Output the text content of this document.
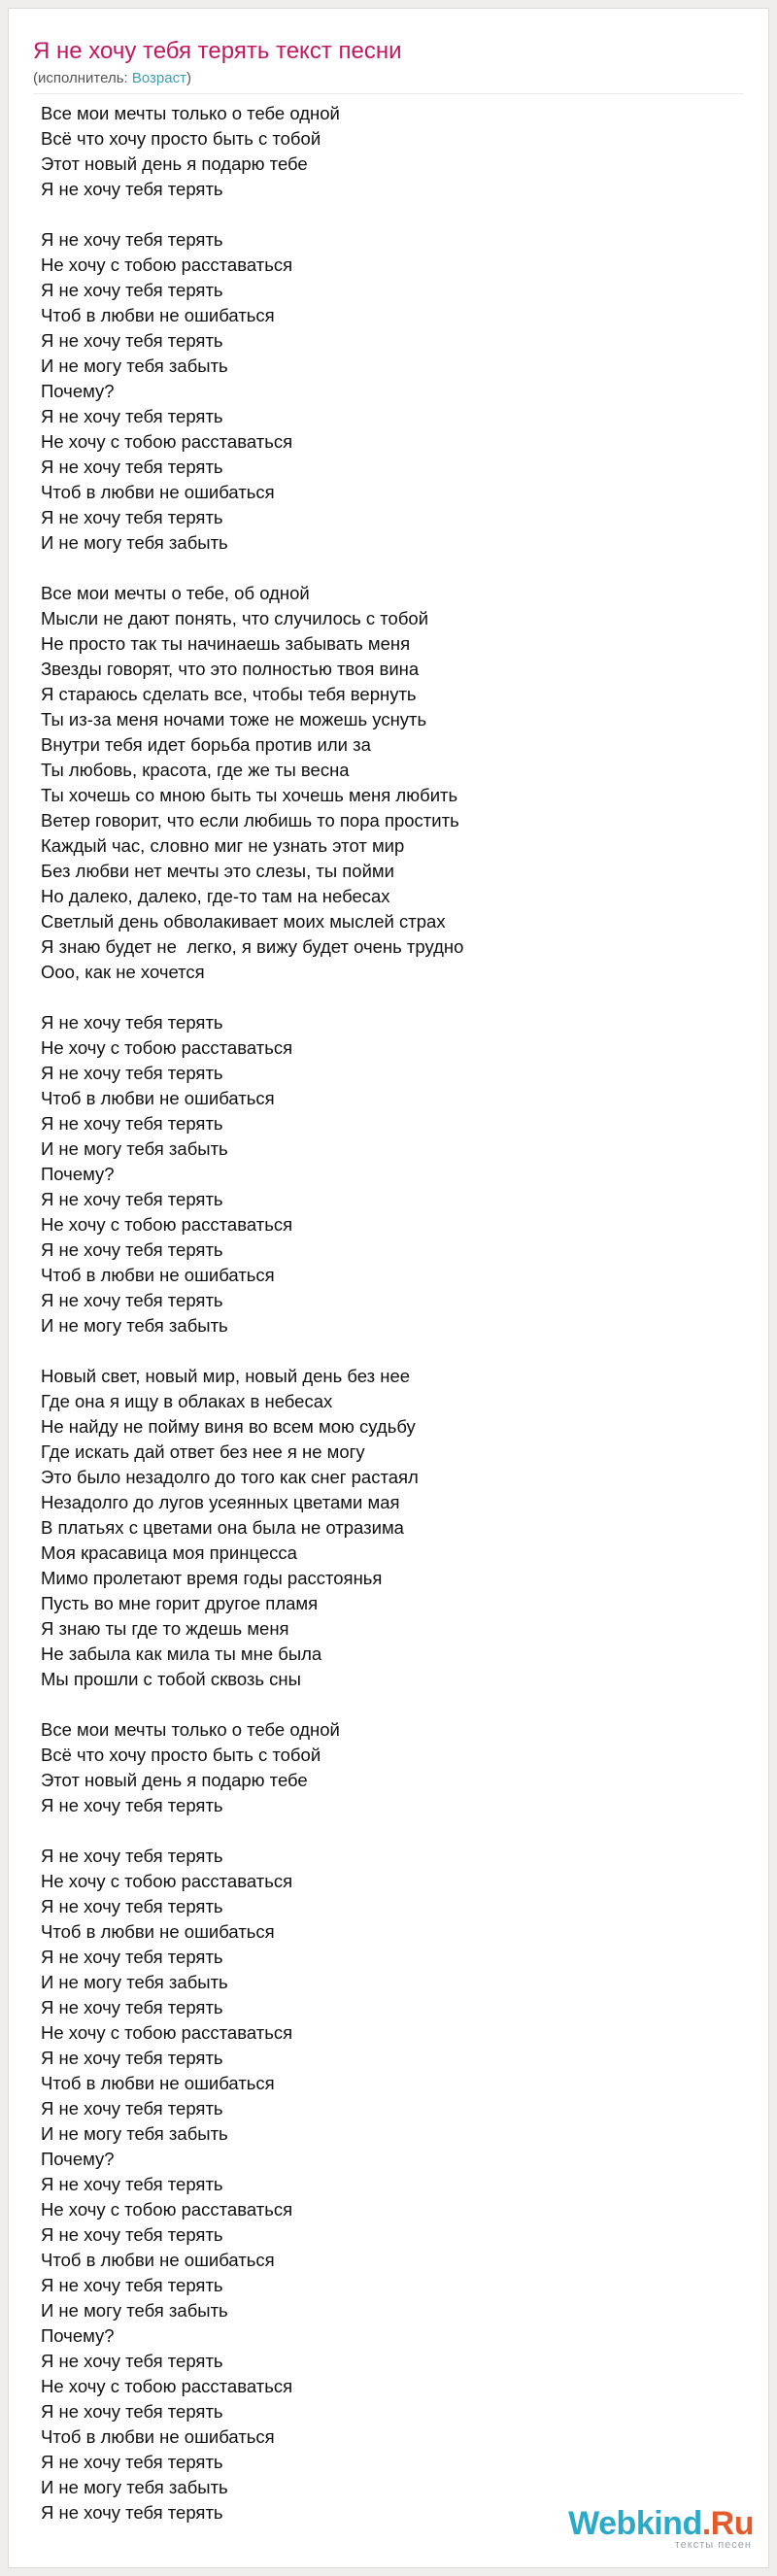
Я не хочу тебя терять текст песни
(исполнитель: Возраст)
Все мои мечты только о тебе одной
Всё что хочу просто быть с тобой
Этот новый день я подарю тебе
Я не хочу тебя терять
Я не хочу тебя терять
Не хочу с тобою расставаться
Я не хочу тебя терять
Чтоб в любви не ошибаться
Я не хочу тебя терять
И не могу тебя забыть
Почему?
Я не хочу тебя терять
Не хочу с тобою расставаться
Я не хочу тебя терять
Чтоб в любви не ошибаться
Я не хочу тебя терять
И не могу тебя забыть
Все мои мечты о тебе, об одной
Мысли не дают понять, что случилось с тобой
Не просто так ты начинаешь забывать меня
Звезды говорят, что это полностью твоя вина
Я стараюсь сделать все, чтобы тебя вернуть
Ты из-за меня ночами тоже не можешь уснуть
Внутри тебя идет борьба против или за
Ты любовь, красота, где же ты весна
Ты хочешь со мною быть ты хочешь меня любить
Ветер говорит, что если любишь то пора простить
Каждый час, словно миг не узнать этот мир
Без любви нет мечты это слезы, ты пойми
Но далеко, далеко, где-то там на небесах
Светлый день обволакивает моих мыслей страх
Я знаю будет не  легко, я вижу будет очень трудно
Ооо, как не хочется
Я не хочу тебя терять
Не хочу с тобою расставаться
Я не хочу тебя терять
Чтоб в любви не ошибаться
Я не хочу тебя терять
И не могу тебя забыть
Почему?
Я не хочу тебя терять
Не хочу с тобою расставаться
Я не хочу тебя терять
Чтоб в любви не ошибаться
Я не хочу тебя терять
И не могу тебя забыть
Новый свет, новый мир, новый день без нее
Где она я ищу в облаках в небесах
Не найду не пойму виня во всем мою судьбу
Где искать дай ответ без нее я не могу
Это было незадолго до того как снег растаял
Незадолго до лугов усеянных цветами мая
В платьях с цветами она была не отразима
Моя красавица моя принцесса
Мимо пролетают время годы расстоянья
Пусть во мне горит другое пламя
Я знаю ты где то ждешь меня
Не забыла как мила ты мне была
Мы прошли с тобой сквозь сны
Все мои мечты только о тебе одной
Всё что хочу просто быть с тобой
Этот новый день я подарю тебе
Я не хочу тебя терять
Я не хочу тебя терять
Не хочу с тобою расставаться
Я не хочу тебя терять
Чтоб в любви не ошибаться
Я не хочу тебя терять
И не могу тебя забыть
Я не хочу тебя терять
Не хочу с тобою расставаться
Я не хочу тебя терять
Чтоб в любви не ошибаться
Я не хочу тебя терять
И не могу тебя забыть
Почему?
Я не хочу тебя терять
Не хочу с тобою расставаться
Я не хочу тебя терять
Чтоб в любви не ошибаться
Я не хочу тебя терять
И не могу тебя забыть
Почему?
Я не хочу тебя терять
Не хочу с тобою расставаться
Я не хочу тебя терять
Чтоб в любви не ошибаться
Я не хочу тебя терять
И не могу тебя забыть
Я не хочу тебя терять	Webkind.Ru
тексты песен
